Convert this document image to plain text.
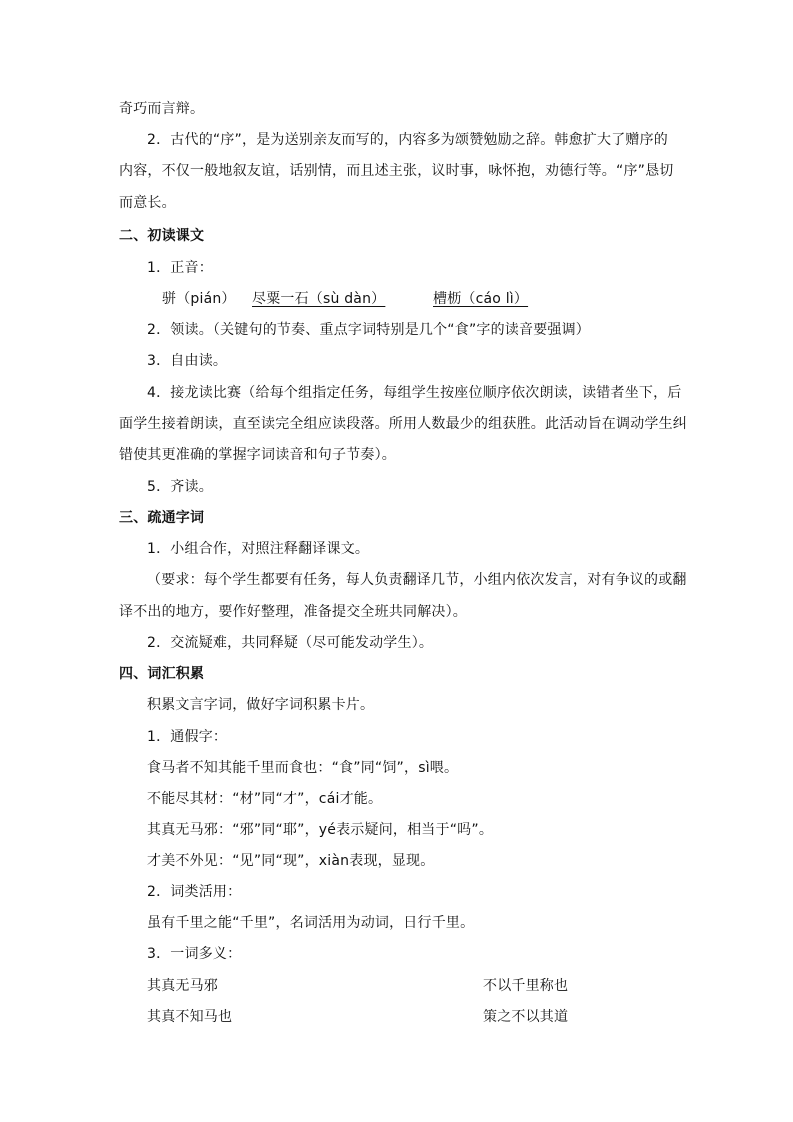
奇巧而言辩。
2．古代的“序”，是为送别亲友而写的，内容多为颂赞勉励之辞。韩愈扩大了赠序的
内容，不仅一般地叙友谊，话别情，而且述主张，议时事，咏怀抱，劝德行等。“序”恳切
而意长。
二、初读课文
1．正音：
骈（pián） 尽粟一石（sù dàn）	槽枥（cáo lì）
2．领读。（关键句的节奏、重点字词特别是几个“食”字的读音要强调）
3．自由读。
4．接龙读比赛（给每个组指定任务，每组学生按座位顺序依次朗读，读错者坐下，后
面学生接着朗读，直至读完全组应读段落。所用人数最少的组获胜。此活动旨在调动学生纠
错使其更准确的掌握字词读音和句子节奏）。
5．齐读。
三、疏通字词
1．小组合作，对照注释翻译课文。
（要求：每个学生都要有任务，每人负责翻译几节，小组内依次发言，对有争议的或翻
译不出的地方，要作好整理，准备提交全班共同解决）。
2．交流疑难，共同释疑（尽可能发动学生）。
四、词汇积累
积累文言字词，做好字词积累卡片。
1．通假字：
食马者不知其能千里而食也：“食”同“饲”，sì喂。
不能尽其材：“材”同“才”，cái才能。
其真无马邪：“邪”同“耶”，yé表示疑问，相当于“吗”。
才美不外见：“见”同“现”，xiàn表现，显现。
2．词类活用：
虽有千里之能“千里”，名词活用为动词，日行千里。
3．一词多义：
其真无马邪	不以千里称也
其真不知马也	策之不以其道
